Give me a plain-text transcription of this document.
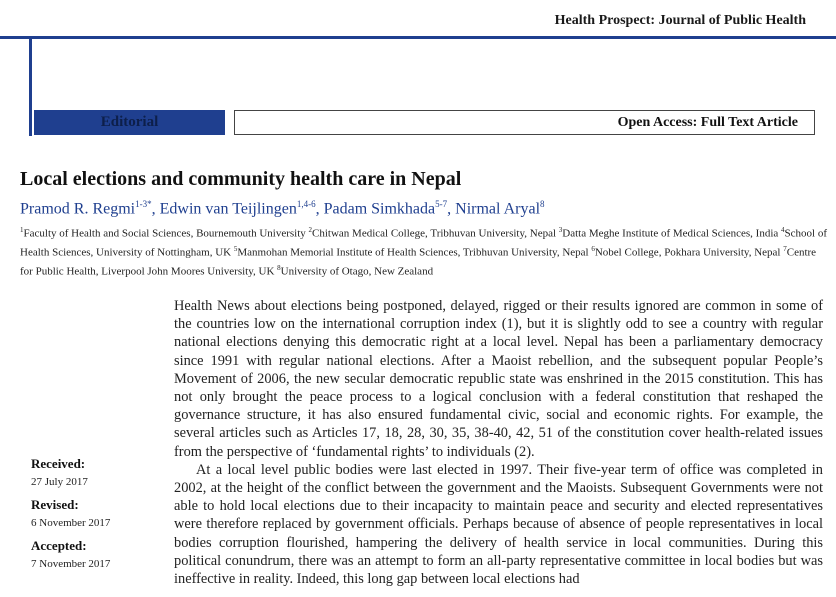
Health Prospect: Journal of Public Health
Editorial	Open Access: Full Text Article
Local elections and community health care in Nepal
Pramod R. Regmi$^{1-3*}$, Edwin van Teijlingen$^{1,4-6}$, Padam Simkhada$^{5-7}$, Nirmal Aryal$^8$
$^1$Faculty of Health and Social Sciences, Bournemouth University $^2$Chitwan Medical College, Tribhuvan University, Nepal $^3$Datta Meghe Institute of Medical Sciences, India $^4$School of Health Sciences, University of Nottingham, UK $^5$Manmohan Memorial Institute of Health Sciences, Tribhuvan University, Nepal $^6$Nobel College, Pokhara University, Nepal $^7$Centre for Public Health, Liverpool John Moores University, UK $^8$University of Otago, New Zealand
Received:
27 July 2017
Revised:
6 November 2017
Accepted:
7 November 2017

Health News about elections being postponed, delayed, rigged or their results ignored are common in some of the countries low on the international corruption index (1), but it is slightly odd to see a country with regular national elections denying this democratic right at a local level. Nepal has been a parliamentary democracy since 1991 with regular national elections. After a Maoist rebellion, and the subsequent popular People’s Movement of 2006, the new secular democratic republic state was enshrined in the 2015 constitution. This has not only brought the peace process to a logical conclusion with a federal constitution that reshaped the governance structure, it has also ensured fundamental civic, social and economic rights. For example, the several articles such as Articles 17, 18, 28, 30, 35, 38-40, 42, 51 of the constitution cover health-related issues from the perspective of ‘fundamental rights’ to individuals (2).

At a local level public bodies were last elected in 1997. Their five-year term of office was completed in 2002, at the height of the conflict between the government and the Maoists. Subsequent Governments were not able to hold local elections due to their incapacity to maintain peace and security and elected representatives were therefore replaced by government officials. Perhaps because of absence of people representatives in local bodies corruption flourished, hampering the delivery of health service in local communities. During this political conundrum, there was an attempt to form an all-party representative committee in local bodies but was ineffective in reality. Indeed, this long gap between local elections had
